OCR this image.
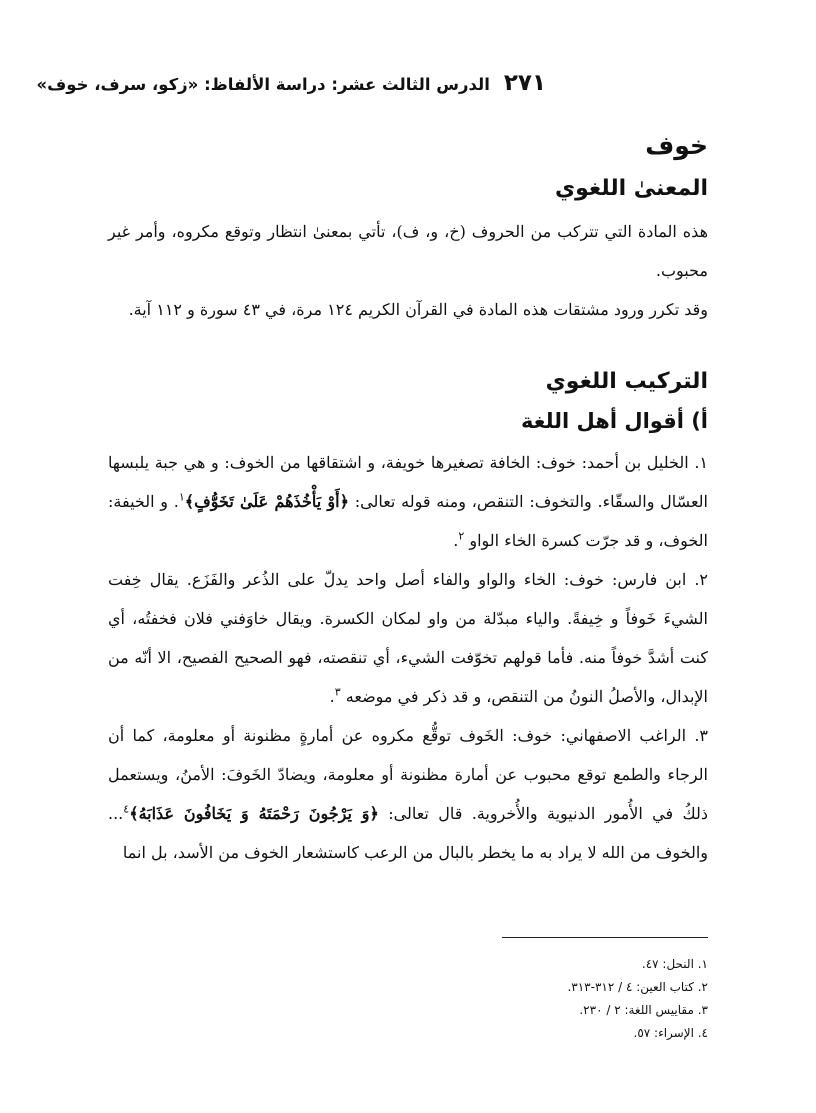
٢٧١
الدرس الثالث عشر: دراسة الألفاظ: «زكو، سرف، خوف»
خوف
المعنىٰ اللغوي

هذه المادة التي تتركب من الحروف (خ، و، ف)، تأتي بمعنىٰ انتظار وتوقع مكروه، وأمر غير محبوب.

وقد تكرر ورود مشتقات هذه المادة في القرآن الكريم ١٢٤ مرة، في ٤٣ سورة و ١١٢ آية.

التركيب اللغوي
أ) أقوال أهل اللغة

١. الخليل بن أحمد: خوف: الخافة تصغيرها خويفة، و اشتقاقها من الخوف: و هي جبة يلبسها العسّال والسقّاء. والتخوف: التنقص، ومنه قوله تعالى: ﴿أَوْ يَأْخُذَهُمْ عَلَىٰ تَخَوُّفٍ﴾$^١$. و الخيفة: الخوف، و قد جرّت كسرة الخاء الواو $^٢$.

٢. ابن فارس: خوف: الخاء والواو والفاء أصل واحد يدلّ على الذُعر والفَزَع. يقال خِفت الشيءَ خَوفاً و خِيفةً. والياء مبدّلة من واو لمكان الكسرة. ويقال خاوَفني فلان فخفتُه، أي كنت أشدَّ خوفاً منه. فأما قولهم تخوّفت الشيء، أي تنقصته، فهو الصحيح الفصيح، الا أنّه من الإبدال، والأصلُ النونُ من التنقص، و قد ذكر في موضعه $^٣$.

٣. الراغب الاصفهاني: خوف: الخَوف توقُّع مكروه عن أمارةٍ مظنونة أو معلومة، كما أن الرجاء والطمع توقع محبوب عن أمارة مظنونة أو معلومة، ويضادّ الخَوفَ: الأمنُ، ويستعمل ذلكُ في الأُمور الدنيوية والأُخروية. قال تعالى: ﴿وَ يَرْجُونَ رَحْمَتَهُ وَ يَخَافُونَ عَذَابَهُ﴾$^٤$... والخوف من الله لا يراد به ما يخطر بالبال من الرعب كاستشعار الخوف من الأسد، بل انما

١. النحل: ٤٧.
٢. كتاب العين: ٤ / ٣١٢-٣١٣.
٣. مقاييس اللغة: ٢ / ٢٣٠.
٤. الإسراء: ٥٧.
